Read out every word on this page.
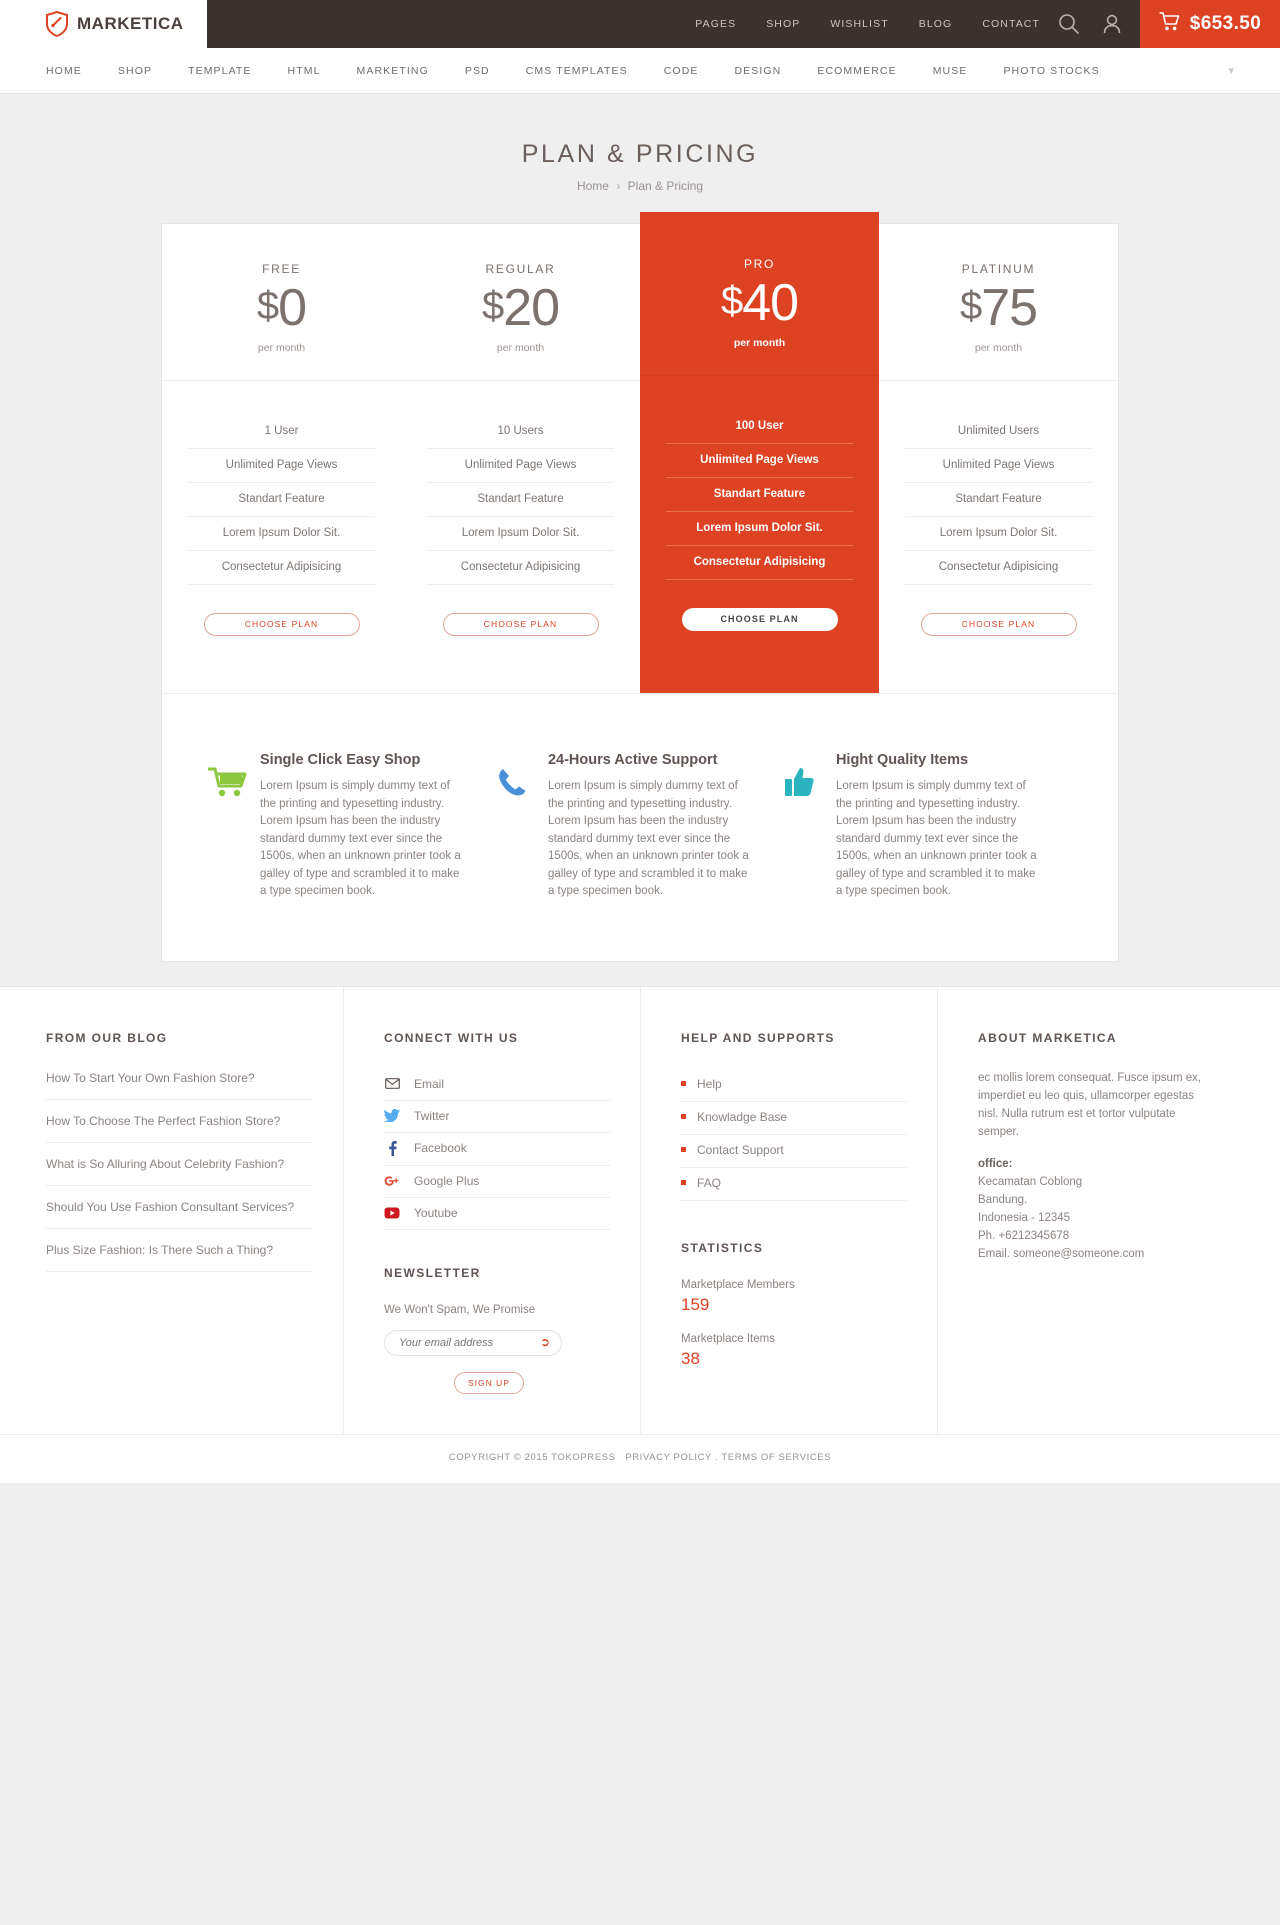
MARKETICA	PAGES	SHOP	WISHLIST	BLOG	CONTACT	$653.50
HOME	SHOP	TEMPLATE	HTML	MARKETING	PSD	CMS TEMPLATES	CODE	DESIGN	ECOMMERCE	MUSE	PHOTO STOCKS	▾
PLAN & PRICING
Home › Plan & Pricing
FREE
$0
per month
1 User
Unlimited Page Views
Standart Feature
Lorem Ipsum Dolor Sit.
Consectetur Adipisicing
CHOOSE PLAN
REGULAR
$20
per month
10 Users
Unlimited Page Views
Standart Feature
Lorem Ipsum Dolor Sit.
Consectetur Adipisicing
CHOOSE PLAN
PRO
$40
per month
100 User
Unlimited Page Views
Standart Feature
Lorem Ipsum Dolor Sit.
Consectetur Adipisicing
CHOOSE PLAN
PLATINUM
$75
per month
Unlimited Users
Unlimited Page Views
Standart Feature
Lorem Ipsum Dolor Sit.
Consectetur Adipisicing
CHOOSE PLAN
Single Click Easy Shop

Lorem Ipsum is simply dummy text of the printing and typesetting industry. Lorem Ipsum has been the industry standard dummy text ever since the 1500s, when an unknown printer took a galley of type and scrambled it to make a type specimen book.

24-Hours Active Support

Lorem Ipsum is simply dummy text of the printing and typesetting industry. Lorem Ipsum has been the industry standard dummy text ever since the 1500s, when an unknown printer took a galley of type and scrambled it to make a type specimen book.

Hight Quality Items

Lorem Ipsum is simply dummy text of the printing and typesetting industry. Lorem Ipsum has been the industry standard dummy text ever since the 1500s, when an unknown printer took a galley of type and scrambled it to make a type specimen book.

FROM OUR BLOG
How To Start Your Own Fashion Store?
How To Choose The Perfect Fashion Store?
What is So Alluring About Celebrity Fashion?
Should You Use Fashion Consultant Services?
Plus Size Fashion: Is There Such a Thing?
CONNECT WITH US
Email
Twitter
Facebook
Google Plus
Youtube
NEWSLETTER
We Won't Spam, We Promise
Your email address
➲
SIGN UP
HELP AND SUPPORTS
Help
Knowladge Base
Contact Support
FAQ
STATISTICS
Marketplace Members
159
Marketplace Items
38
ABOUT MARKETICA

ec mollis lorem consequat. Fusce ipsum ex, imperdiet eu leo quis, ullamcorper egestas nisl. Nulla rutrum est et tortor vulputate semper.

office:
Kecamatan Coblong
Bandung.
Indonesia - 12345
Ph. +6212345678
Email. someone@someone.com

COPYRIGHT © 2015 TOKOPRESS PRIVACY POLICY . TERMS OF SERVICES
